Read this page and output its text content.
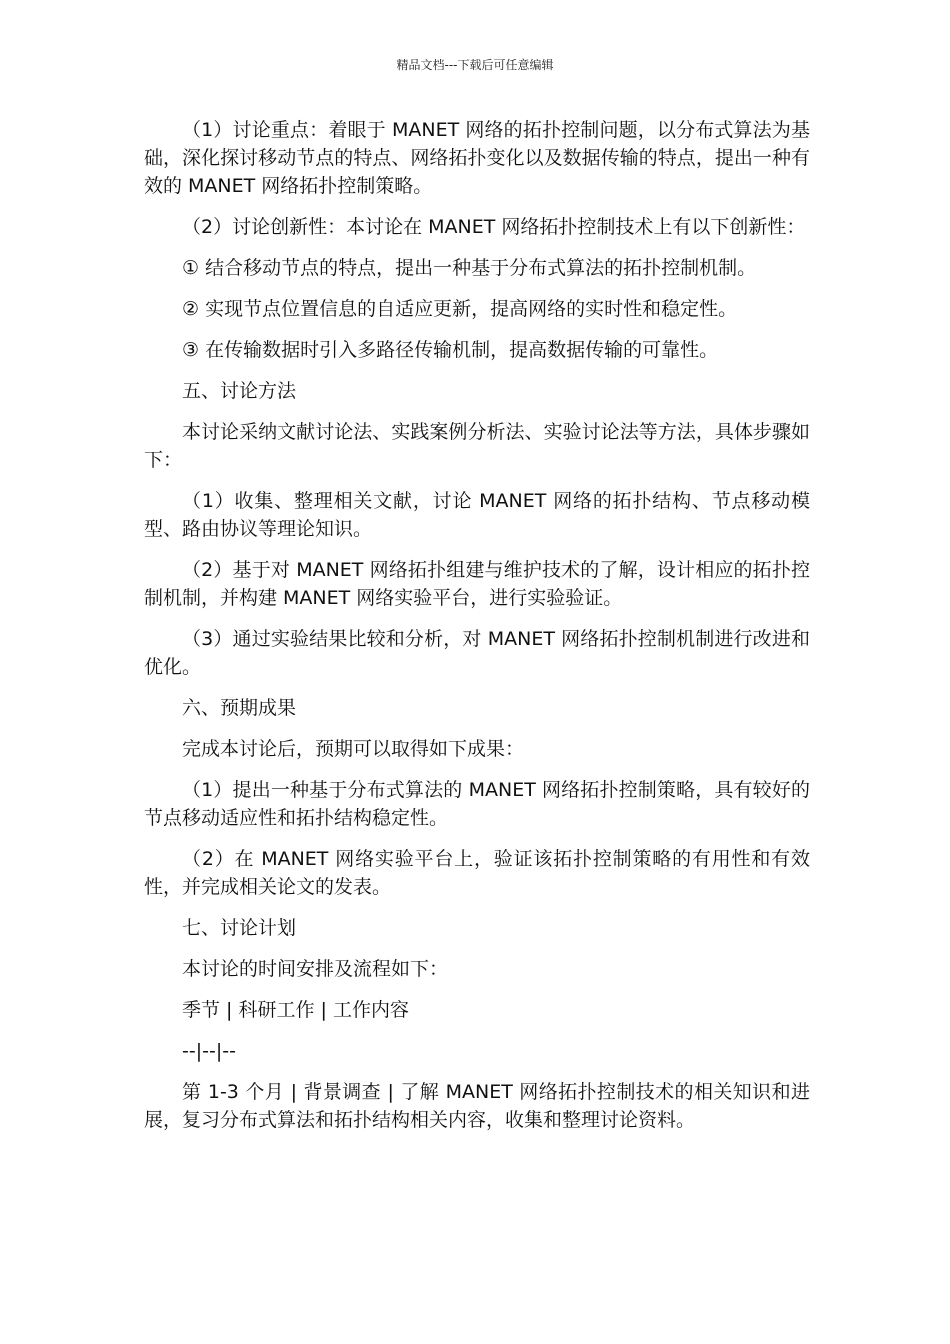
精品文档---下载后可任意编辑

（1）讨论重点：着眼于 MANET 网络的拓扑控制问题，以分布式算法为基础，深化探讨移动节点的特点、网络拓扑变化以及数据传输的特点，提出一种有效的 MANET 网络拓扑控制策略。

（2）讨论创新性：本讨论在 MANET 网络拓扑控制技术上有以下创新性：

① 结合移动节点的特点，提出一种基于分布式算法的拓扑控制机制。

② 实现节点位置信息的自适应更新，提高网络的实时性和稳定性。

③ 在传输数据时引入多路径传输机制，提高数据传输的可靠性。

五、讨论方法

本讨论采纳文献讨论法、实践案例分析法、实验讨论法等方法，具体步骤如下：

（1）收集、整理相关文献，讨论 MANET 网络的拓扑结构、节点移动模型、路由协议等理论知识。

（2）基于对 MANET 网络拓扑组建与维护技术的了解，设计相应的拓扑控制机制，并构建 MANET 网络实验平台，进行实验验证。

（3）通过实验结果比较和分析，对 MANET 网络拓扑控制机制进行改进和优化。

六、预期成果

完成本讨论后，预期可以取得如下成果：

（1）提出一种基于分布式算法的 MANET 网络拓扑控制策略，具有较好的节点移动适应性和拓扑结构稳定性。

（2）在 MANET 网络实验平台上，验证该拓扑控制策略的有用性和有效性，并完成相关论文的发表。

七、讨论计划

本讨论的时间安排及流程如下：

季节 | 科研工作 | 工作内容

--|--|--

第 1-3 个月 | 背景调查 | 了解 MANET 网络拓扑控制技术的相关知识和进展，复习分布式算法和拓扑结构相关内容，收集和整理讨论资料。
